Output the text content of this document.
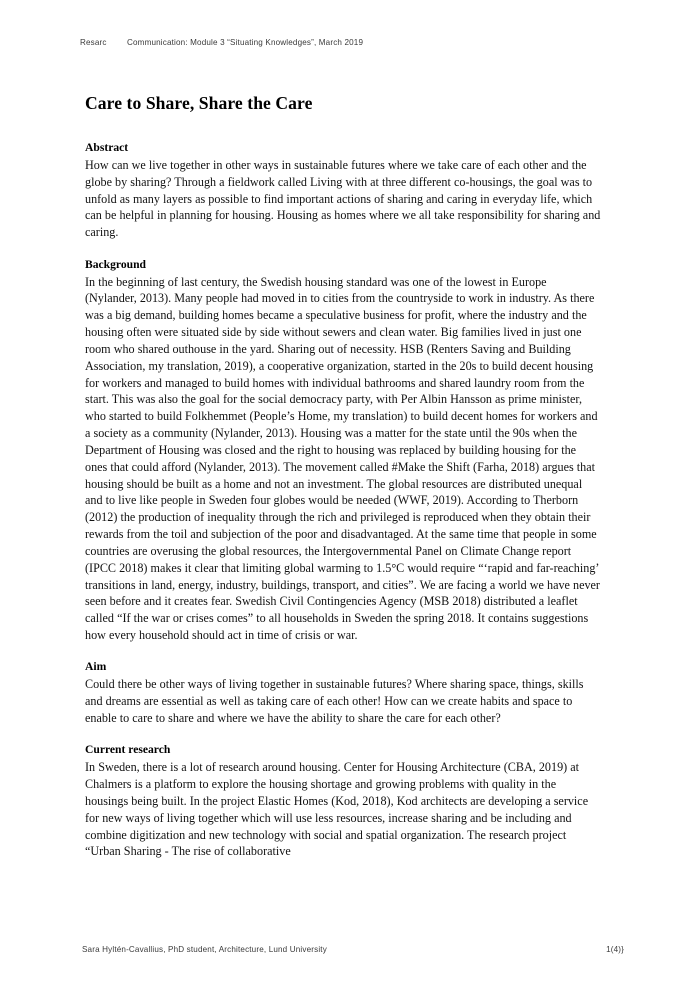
Resarc	Communication: Module 3 “Situating Knowledges”, March 2019
Care to Share, Share the Care
Abstract

How can we live together in other ways in sustainable futures where we take care of each other and the globe by sharing? Through a fieldwork called Living with at three different co-housings, the goal was to unfold as many layers as possible to find important actions of sharing and caring in everyday life, which can be helpful in planning for housing. Housing as homes where we all take responsibility for sharing and caring.

Background

In the beginning of last century, the Swedish housing standard was one of the lowest in Europe (Nylander, 2013). Many people had moved in to cities from the countryside to work in industry. As there was a big demand, building homes became a speculative business for profit, where the industry and the housing often were situated side by side without sewers and clean water. Big families lived in just one room who shared outhouse in the yard. Sharing out of necessity. HSB (Renters Saving and Building Association, my translation, 2019), a cooperative organization, started in the 20s to build decent housing for workers and managed to build homes with individual bathrooms and shared laundry room from the start. This was also the goal for the social democracy party, with Per Albin Hansson as prime minister, who started to build Folkhemmet (People’s Home, my translation) to build decent homes for workers and a society as a community (Nylander, 2013). Housing was a matter for the state until the 90s when the Department of Housing was closed and the right to housing was replaced by building housing for the ones that could afford (Nylander, 2013). The movement called #Make the Shift (Farha, 2018) argues that housing should be built as a home and not an investment. The global resources are distributed unequal and to live like people in Sweden four globes would be needed (WWF, 2019). According to Therborn (2012) the production of inequality through the rich and privileged is reproduced when they obtain their rewards from the toil and subjection of the poor and disadvantaged. At the same time that people in some countries are overusing the global resources, the Intergovernmental Panel on Climate Change report (IPCC 2018) makes it clear that limiting global warming to 1.5°C would require “‘rapid and far-reaching’ transitions in land, energy, industry, buildings, transport, and cities”. We are facing a world we have never seen before and it creates fear. Swedish Civil Contingencies Agency (MSB 2018) distributed a leaflet called “If the war or crises comes” to all households in Sweden the spring 2018. It contains suggestions how every household should act in time of crisis or war.

Aim

Could there be other ways of living together in sustainable futures? Where sharing space, things, skills and dreams are essential as well as taking care of each other! How can we create habits and space to enable to care to share and where we have the ability to share the care for each other?

Current research

In Sweden, there is a lot of research around housing. Center for Housing Architecture (CBA, 2019) at Chalmers is a platform to explore the housing shortage and growing problems with quality in the housings being built. In the project Elastic Homes (Kod, 2018), Kod architects are developing a service for new ways of living together which will use less resources, increase sharing and be including and combine digitization and new technology with social and spatial organization. The research project “Urban Sharing - The rise of collaborative

Sara Hyltén-Cavallius, PhD student, Architecture, Lund University	1(4)}
